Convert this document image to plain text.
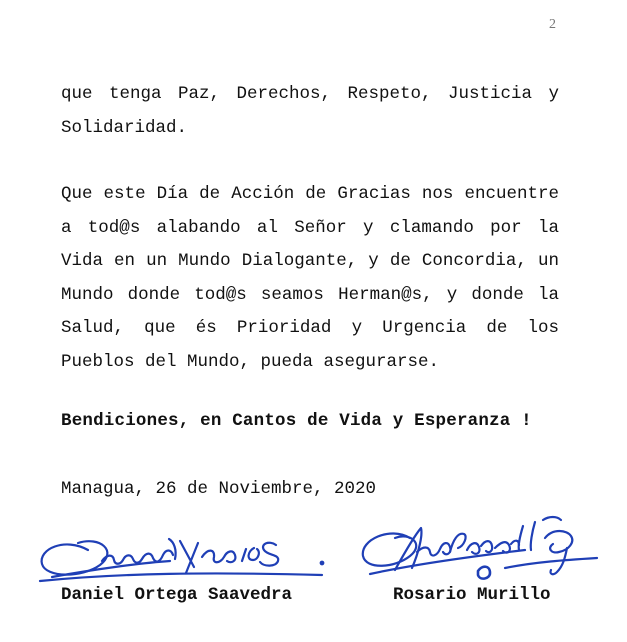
2
que tenga Paz, Derechos, Respeto, Justicia y Solidaridad.
Que este Día de Acción de Gracias nos encuentre a tod@s alabando al Señor y clamando por la Vida en un Mundo Dialogante, y de Concordia, un Mundo donde tod@s seamos Herman@s, y donde la Salud, que és Prioridad y Urgencia de los Pueblos del Mundo, pueda asegurarse.
Bendiciones, en Cantos de Vida y Esperanza !
Managua, 26 de Noviembre, 2020
Daniel Ortega Saavedra	Rosario Murillo
